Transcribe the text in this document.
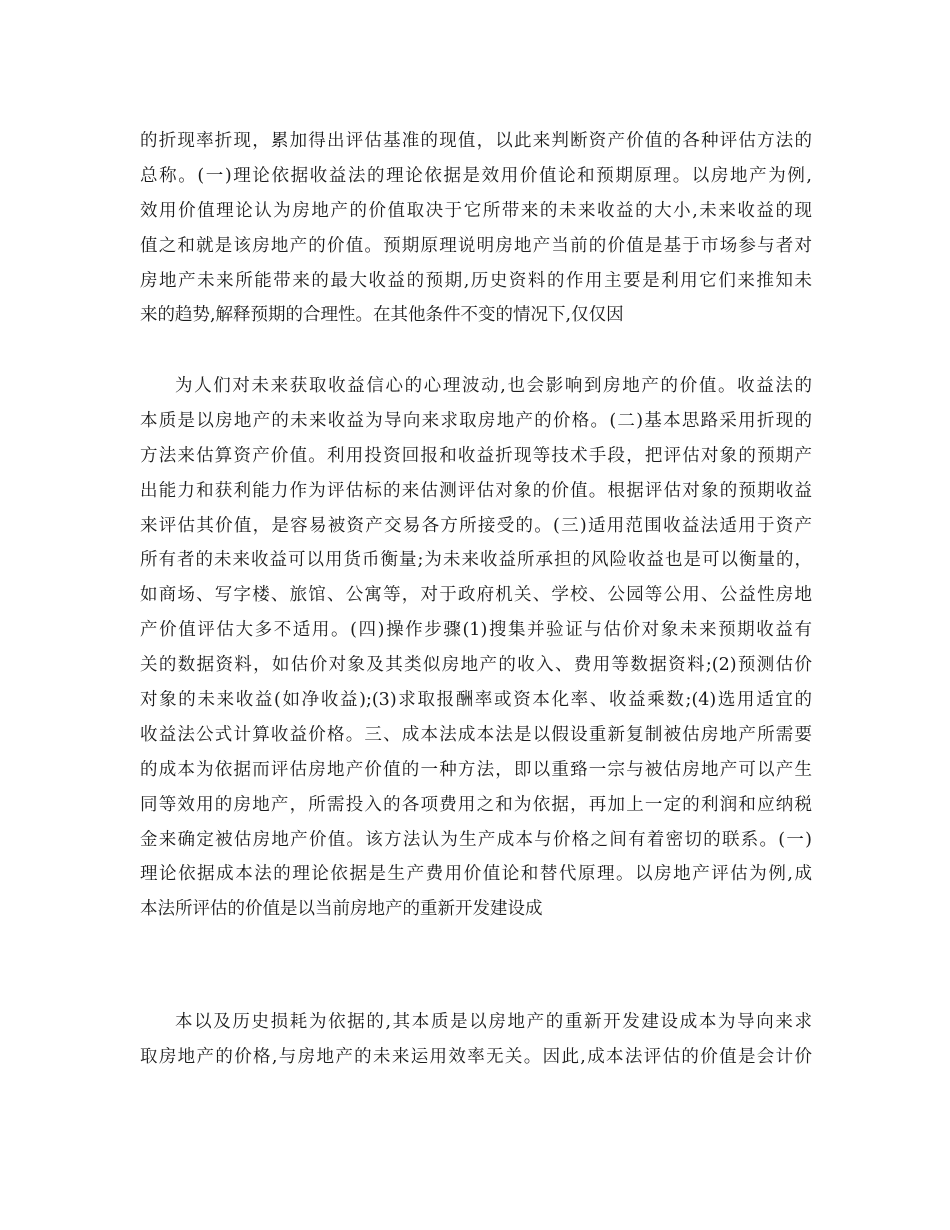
的折现率折现，累加得出评估基准的现值，以此来判断资产价值的各种评估方法的
总称。(一)理论依据收益法的理论依据是效用价值论和预期原理。以房地产为例,
效用价值理论认为房地产的价值取决于它所带来的未来收益的大小,未来收益的现
值之和就是该房地产的价值。预期原理说明房地产当前的价值是基于市场参与者对
房地产未来所能带来的最大收益的预期,历史资料的作用主要是利用它们来推知未
来的趋势,解释预期的合理性。在其他条件不变的情况下,仅仅因
为人们对未来获取收益信心的心理波动,也会影响到房地产的价值。收益法的
本质是以房地产的未来收益为导向来求取房地产的价格。(二)基本思路采用折现的
方法来估算资产价值。利用投资回报和收益折现等技术手段，把评估对象的预期产
出能力和获利能力作为评估标的来估测评估对象的价值。根据评估对象的预期收益
来评估其价值，是容易被资产交易各方所接受的。(三)适用范围收益法适用于资产
所有者的未来收益可以用货币衡量;为未来收益所承担的风险收益也是可以衡量的，
如商场、写字楼、旅馆、公寓等，对于政府机关、学校、公园等公用、公益性房地
产价值评估大多不适用。(四)操作步骤(1)搜集并验证与估价对象未来预期收益有
关的数据资料，如估价对象及其类似房地产的收入、费用等数据资料;(2)预测估价
对象的未来收益(如净收益);(3)求取报酬率或资本化率、收益乘数;(4)选用适宜的
收益法公式计算收益价格。三、成本法成本法是以假设重新复制被估房地产所需要
的成本为依据而评估房地产价值的一种方法，即以重臵一宗与被估房地产可以产生
同等效用的房地产，所需投入的各项费用之和为依据，再加上一定的利润和应纳税
金来确定被估房地产价值。该方法认为生产成本与价格之间有着密切的联系。(一)
理论依据成本法的理论依据是生产费用价值论和替代原理。以房地产评估为例,成
本法所评估的价值是以当前房地产的重新开发建设成
本以及历史损耗为依据的,其本质是以房地产的重新开发建设成本为导向来求
取房地产的价格,与房地产的未来运用效率无关。因此,成本法评估的价值是会计价
